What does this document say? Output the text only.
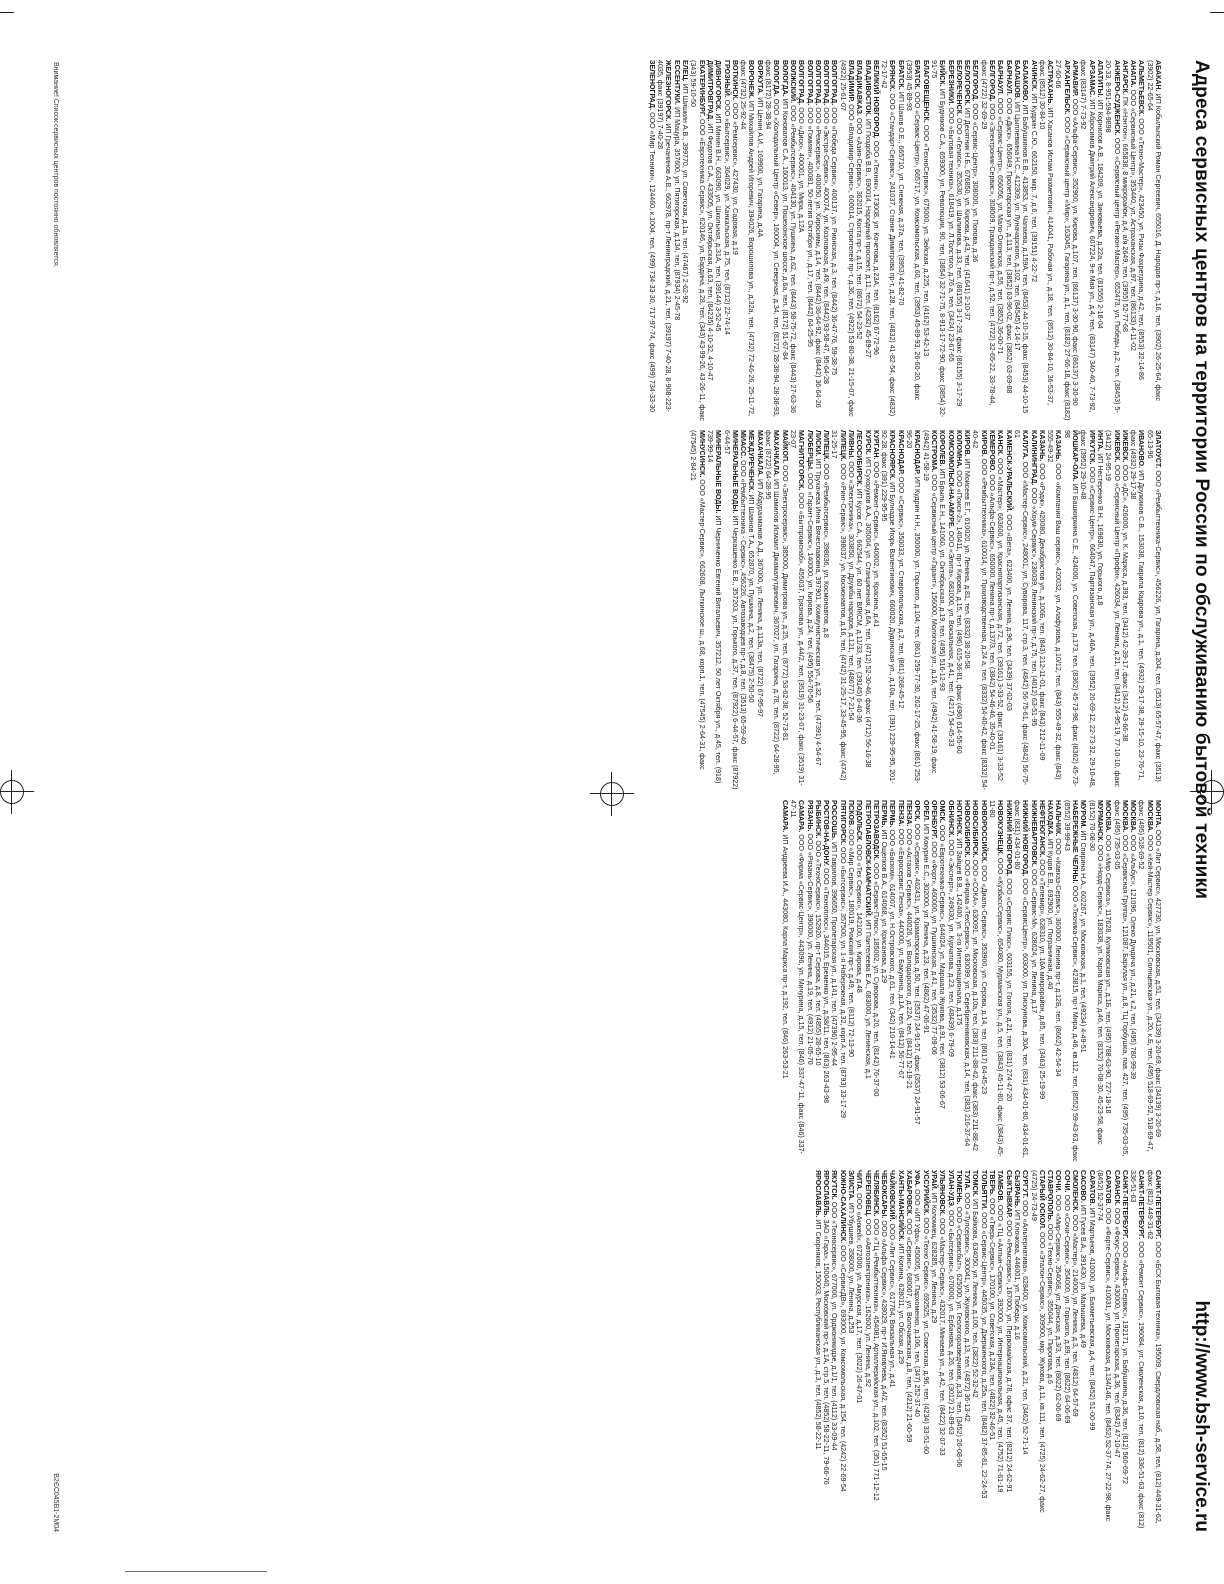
Адреса сервисных центров на территории России по обслуживанию бытовой техники
http://www.bsh-service.ru

АБАКАН. ИП Кобыльнский Роман Сергеевич, 655016, Д. Народов пр-т, д.16, тел. (3902) 26-25-64, факс (3902) 22-65-64

АЛЬМЕТЬЕВСК. ООО «Техно-Мастер», 423450, ул. Ризы Фахретдина, д.42, тел. (8553) 32-14-86

АНАПА. ООО «Сервисный Центр», 353440, ул. Астраханская, д.97, тел. (86133) 4-11-02

АНГАРСК. ПК «Нэнтон», 665838, 8 микрорайон, д.4, а/я 2649, тел. (3955) 52-77-68

АНЖЕРО-СУДЖЕНСК. ООО «Сервисный центр «Регион-Мастер», 652473, ул. Победы, д.2, тел. (38453) 5-20-33, 8-951-594-9898

АПАТИТЫ. ИП Корнилов А.В., 184209, ул. Зиновьева, д.22а, тел. (81555) 2-18-04

АРЗАМАС. ИП Абросимов Дмитрий Александрович, 607224, 9-е Мая ул., д.4, тел. (83147) 340-40, 7-73-92, факс (83147) 7-73-92

АРМАВИР. ООО «Альфа-Сервис», 352900, ул. Кирова, д.107, тел. (86137) 3-30-90, факс (86137) 3-30-90

АРХАНГЕЛЬСК. ООО «Сервисный центр «Мир», 163045, Гагарина ул., д.1, тел. (8182) 27-66-18, факс (8182) 27-60-66

АСТРАХАНЬ. ИП Хасанов Ислам Рахметович, 414041, Рабочая ул., д.18, тел. (8512) 30-84-10, 36-53-37, факс (8512) 30-84-10

АЧИНСК. ИП Кудрин С.Ю., 662150, мкр. 7, д.6, тел. (39151) 4-22-72

БАЛАКОВО. ИП Бабушкинов Е.В., 413853, ул. Чапаева, д.159А, тел. (8453) 44-10-15, факс (8453) 44-10-15

БАЛАШОВ. ИП Цыплевкина Н.С., 412309, ул. Луначарского, д.102, тел. (84545) 4-14-17

БАРНАУЛ. ООО «Диск», 656049, Пролетарская ул., д.113, тел. (3852) 63-96-02, факс (3852) 63-69-88

БАРНАУЛ. ООО «Сервис-Центр», 656056, ул. Мало-Олонская, д.55, тел. (3852) 36-00-71

БЕЛГОРОД. ООО «Электроник-Сервис», 308009, Гражданский пр-т, д.52, тел. (4722) 32-65-22, 33-78-44, факс (4722) 32-69-29

БЕЛГОРОД. ООО «Сервис-Центр», 308000, ул. Попова, д.36

БЕЛОГОРСК. ИП Десятник Н.Б., 676850, ул. Кирова, д.43, тел. (41641) 2-10-37

БЕЛОРЕЧЕНСК. ООО «Гелиос», 352630, ул. Шалимова, д.33, тел. (86155) 3-17-29, факс (86155) 3-17-29

БЕРЕЗНИКИ. ООО «Бытовая техника», 618419, ул. Л.Толстого, д.76 а, тел. (3424) 23-67-65

БИЙСК. ИП Будников С.А., 659300, ул. Революции, 90, тел. (3854) 32-71-75, 8-913-17-72-90, факс (3854) 32-91-75

БЛАГОВЕЩЕНСК. ООО «ТехноСервис», 675000, ул. Зейская, д.225, тел. (4162) 53-42-13

БРАТСК. ООО «Сервис-Центр», 665717, ул. Комсомольская, д.60, тел. (3953) 45-89-93, 26-60-20, факс (3953) 45-89-93

БРАТСК. ИП Шаков О.Е., 665710, ул. Снежная, д.37а, тел. (3953) 41-82-70

БРЯНСК. ООО «Стандарт-Сервис», 241037, Станке Димитрова пр-т, д.28, тел. (4832) 41-82-54, факс (4832) 72-17-42

ВЕЛИКИЙ НОВГОРОД. ООО «Техник», 173008, ул. Кочетова, д.23А, тел. (8162) 67-72-96

ВЛАДИВОСТОК. ИП Поздоба В.В., 690014, Народный проспект, д.11, тел. (4232) 45-89-27

ВЛАДИКАВКАЗ. ООО «Азия-Сервис», 362015, Коста пр-т, д.15, тел. (8672) 54-23-52

ВЛАДИМИР. ООО «Владимир-Сервис», 600014, Строителей пр-т, д.36, тел. (4922) 53-80-38, 21-15-07, факс (4922) 25-61-07

ВОЛГОГРАД. ООО «Победа Сервис», 400137, ул. Рионская, д.3, тел. (8442) 36-47-76, 59-38-75

ВОЛГОГРАД. ООО «Экстра-Сервис», 400074, ул. Козловская, д.49, тел. (8442) 93-58-47, 95-64-28

ВОЛГОГРАД. ООО «Ремсервис», 400050, ул. Хиросимы, д.14, тел. (8442) 36-64-92, факс (8442) 36-64-26

ВОЛГОГРАД. ООО «Гомиян», 400081, 50-летия Октября ул., д.17, тел. (8442) 64-25-95

ВОЛГОГРАД. ООО «Диск», 400001, ул. Мира, д.12А

ВОЛЖСКИЙ. ООО «Рембытсервис», 404130, ул. Пушкина, д.62, тел. (8443) 58-75-72, факс (8443) 27-63-36

ВОЛОГДА. ИП Коновалов С.А., 160013, ул. Пошехонское шоссе, д.6а, тел. (8172) 51-67-84

ВОЛОГДА. ООО «Холодильный Центр «Север», 160004, ул. Северная, д.34, тел. (8172) 28-38-94, 28-38-93, факс (8172) 28-38-94

ВОРКУТА. ИП Ценин А.И., 169900, ул. Гагарина, д.4А

ВОРОНЕЖ. ИП Михайлов Андрей Игоревич, 394026, Ворошилова ул., д.32а, тел. (4732) 72-46-26, 25-11-72, факс (4732) 25-92-44

ВОТКИНСК. ООО «Ремсервис», 427430, ул. Садовая, д.19

ГРОЗНЫЙ. ООО «Бытсервис», 364029, ул. Ханкальская, д.75, тел. (8712) 22-74-14

ДИВНОГОРСК. ИП Минин В.Н., 663090, ул. Школьная, д.31А, тел. (39144) 3-52-45

ДИМИТРОВГРАД. ИП Федотов С.А., 433505, ул. Октябрьская, д.63, тел. (84235) 4-10-32, 4-10-47

ЕКАТЕРИНБУРГ. ООО «Евротехника Сервис», 620146, ул. Бардина, д.28, тел. (343) 43-99-26, 43-26-11, факс (343) 59-10-50

ЕЛЕЦ. ИП Шишкин А.В., 399770, ул. Советская, д.1а, тел. (47467) 2-62-92

ЕССЕНТУКИ. ИП Мацура, 357600, ул. Пятигорская, д.134, тел. (87934) 2-45-78

ЖЕЛЕЗНОГОРСК. ИП Гречанинов А.В., 662978, пр-т Ленинградский, д.21, тел. (39197) 7-40-28, 8-908-223-4035, факс (39197) 7-40-28

ЗЕЛЕНОГРАД. ООО «Мир Техники», 124460, к.1004, тел. (499) 734-33-30, 717-97-74, факс (499) 734-33-30

ЗЛАТОУСТ. ООО «Рембыттехника-Сервис», 456226, ул. Гагарина, д.204, тел. (3513) 65-57-47, факс (3513) 65-13-96

ИВАНОВО. ИП Дружиков С.В., 153038, Гаврила Кадрова ул., д.1, тел. (4932) 29-17-38, 29-15-10, 23-76-71, факс (4932) 29-17-38

ИЖЕВСК. ООО «ДС», 426000, ул. К. Маркса, д.393, тел. (3412) 42-39-17, факс (3412) 43-66-38

ИЖЕВСК. ООО «Сервисный Центр «Профи», 426034, ул. Ленина, д.21, тел. (3412) 24-95-19, 77-10-10, факс (3412) 24-95-19

ИНТА. ИП Нестеренко В.Н., 169830, ул. Горького, д.8

ИРКУТСК. ООО «Сервис-Центр», 664047, Партизанская ул., д.46А, тел. (3952) 20-69-12, 22-73-32, 29-10-48, факс (3952) 29-10-48

ЙОШКАР-ОЛА. ИП Башкиркина С.Е., 424000, ул. Советская, д.173, тел. (8362) 45-73-98, факс (8362) 45-73-98

КАЗАНЬ. ООО «Компания Ваш сервис», 420032, ул. Алафузова, д.10/12, тел. (843) 555-49-32, факс (843) 555-49-32

КАЗАНЬ. ООО «Рэдж», 420080, Декабристов ул., д.106Б, тел. (843) 212-11-01, факс (843) 212-11-09

КАЛИНИНГРАД. ООО «Хоум-Сервис», 236039, Ленинский пр-т, д.75, тел. (4012) 63-51-95

КАЛУГА. ООО «Мастер-Сервис», 248001, ул. Суворова, 117, стр.3, тел. (4842) 56-75-61, факс (4842) 56-75-61

КАМЕНСК-УРАЛЬСКИЙ. ООО «Вега», 623400, ул. Ленина, д.96, тел. (3439) 37-02-03

КАНСК. ООО «Мастер», 663600, ул. Краснопартизанская, д.72, тел. (39161) 3-33-52, факс (39161) 3-33-52

КЕМЕРОВО. ООО «Альфа-Сервис», 650000, Ленина пр-т, д.137/3, тел. (3842) 54-46-46, 35-40-01

КИРОВ. ООО «Рембыттехника», 610014, ул. Производственная, д.24 а, тел. (8332) 54-40-42, факс (8332) 54-40-42

КИРОВ. ИП Моисеев Е.Г., 610020, ул. Ленина, д.81, тел. (8332) 38-20-58

КОЛОМНА. ООО «Поиск-2», 140411, пр-т Кирова, д.15, тел. (496) 615-36-81, факс (496) 614-55-60

КОМСОМОЛЬСК-НА-АМУРЕ. ООО «Элита», 681000, ул. Вокзальная, д.41, тел. (4217) 54-45-33

КОРОЛЕВ. ИП Брыль Е.Н., 141060, ул. Октябрьская, д.19, тел. (495) 516-12-93

КОСТРОМА. ООО «Сервисный центр «Гарант», 156000, Мологская ул., д.16, тел. (4942) 41-58-19, факс (4942) 41-58-19

КРАСНОДАР. ИП Кудрин Н.Н., 350000, ул. Горького, д.104, тел. (861) 259-77-30, 262-17-25, факс (861) 253-96-20

КРАСНОДАР. ООО «Сервис», 350033, ул. Ставропольская, д.2, тел. (861) 268-45-12

КРАСНОЯРСК. ИП Булнадзе Игорь Валентинович, 660020, Дудинская ул., д.10а, тел. (391) 229-95-95, 201-92-28, факс (391) 229-95-95

КУРГАН. ООО «Ремонт-Сервис», 640002, ул. Красина, д.41

КУРСК. ИП Сухоруков А.А., 305004, ул. Станционная, д.6А, тел. (4712) 52-30-46, факс (4712) 56-16-38

ЛЕСОСИБИРСК. ИП Кусов С.А., 662544, ул. 60 лет ВЛКСМ, д.11/33, тел. (39145) 6-40-36

ЛИВНЫ. ООО «Электроника», 303850, ул. Дружбы народов, д.121, тел. (48677) 7-21-54

ЛИПЕЦК. ООО «Ринг-Сервис», 398037, ул. Космонавтов, д.16, тел. (4742) 31-25-17, 33-45-95, факс (4742) 31-25-17

ЛИПЕЦК. ООО «Рембытсервис», 398036, ул. Космонавтов, д.8

ЛИСКИ. ИП Трухачева Инна Вячеславовна, 397901, Коммунистическая ул., д.32, тел. (47391) 4-54-67

ЛЮБЕРЦЫ. ООО «Гарант-Сервис», 140000, ул. Кирова, д.24, тел. (495) 554-70-56

МАГНИТОГОРСК. ООО «Бытпромснаб», 455037, Грязнова ул., д.44/2, тел. (3519) 31-23-07, факс (3519) 31-23-07

МАЙКОП. ООО «Электросервис», 385000, Димитрова ул., д.25, тел. (8772) 53-62-38, 52-73-81

МАХАЧКАЛА. ИП Шамилов Исмаил Джамалутдинович, 367027, ул. Гагарина, д.78, тел. (8722) 64-28-95, факс (8722) 64-28-95

МАХАЧКАЛА. ИП Абдурахманов А.Д., 367000, ул. Ленина, д.113а, тел. (8722) 67-95-97

МЕЖДУРЕЧЕНСК. ИП Шавнов Т.А., 652870, ул. Пушкина, д.2, тел. (38475) 2-50-50

МИАСС. ООО «Рембыттехника - Сервис», 456226, Автозаводцев пр-т, д.8, тел. (3513) 65-59-40

МИНЕРАЛЬНЫЕ ВОДЫ. ИП Черкашенко Е.В., 357203, ул. Горького, д.37, тел. (87922) 6-44-57, факс (87922) 6-44-57

МИНЕРАЛЬНЫЕ ВОДЫ. ИП Черниченко Евгений Витальевич, 357212, 50 лет Октября ул., д.45, тел. (918) 739-99-14

МИНУСИНСК. ООО «Мастер-Сервис», 662608, Лыткинское ш., д.68, корп.1, тел. (47545) 2-64-31, факс (47545) 2-84-21

МОНТА. ООО «Лит Сервис», 427730, ул. Московская, д.51, тел. (34139) 3-20-69, факс (34139) 3-20-69

МОСКВА. ООО «Кей-Мастер Сервис», 119501, Солнцевская ул., д.20, к.Б, тел. (495) 518-69-52, 518-69-47, факс (495) 518-69-52

МОСКВА. ООО «Альбус», 121096, Олеко Дундича ул., д.21, к.2, тел. (495) 780-99-39

МОСКВА. ООО «Сервисная Группа», 121087, Барклая ул., д.8, ТЦ Горбушка, пав. 427, тел. (495) 735-03-05, факс (495) 735-03-05

МОСКВА. ООО «Мир Сервиса», 117628, Куликовская ул., д.1Б, тел. (495) 788-63-90, 727-18-18

МУРМАНСК. ООО «Норд-Сервис», 183038, ул. Карла Маркса, д.46, тел. (8152) 70-08-30, 45-23-58, факс (8152) 70-08-30

МУРОМ. ИП Спирина Н.А., 602267, ул. Московская, д.1, тел. (49234) 4-49-51

НАБЕРЕЖНЫЕ ЧЕЛНЫ. ООО «Техника-Сервис», 423815, пр-т Мира, д.46, кв.112, тел. (8552) 59-43-63, факс (8552) 39-99-43

НАЛЬЧИК. ООО «Кавказ-Сервис», 360000, Ленина пр-т, д.12Б, тел. (8662) 42-54-34

НАХОДКА. ИП Куцов Е.В., 692900, ул. Пограничная, д.40

НЕФТЕЮГАНСК. ООО «Телемир», 628310, ул. 16А микрорайон, д.85, тел. (3463) 25-19-99

НИЖНЕВАРТОВСК. ООО «Сервис-М», 628624, ул. Ленина, д.17

НИЖНИЙ НОВГОРОД. ООО «СервисЦентр», 603000, ул. Пискунова, д.30А, тел. (831) 434-01-80, 434-01-81, факс (831) 434-01-80

НИЖНИЙ НОВГОРОД. ООО «Сервис Плюс», 603155, ул. Гоголя, д.21, тел. (831) 274-47-20

НОВОКУЗНЕЦК. ООО «КузбассСервис», 654080, Мурманская ул., д.5, тел. (3843) 45-11-80, факс (3843) 45-11-80

НОВОРОССИЙСК. ООО «Диаль-Сервис», 353900, ул. Серова, д.14, тел. (8617) 64-45-23

НОВОСИБИРСК. ООО «СОКА», 630091, ул. Московская, д.10а, тел. (383) 211-88-42, факс (383) 211-88-42

НОВОСИБИРСК. ООО «Фирма «ТехСервис», 630099, ул. Серебренниковская, д.14, тел. (383) 216-37-64

НОГИНСК. ИП Зайцев В.В., 142400, ул. 3-го Интернационала, д.175

ОБНИНСК. ООО «Эксперт», 249030, ул. Курчатова, д.23, тел. (48439) 6-79-09

ОМСК. ООО «Евротехника-Сервис», 644024, ул. Маршала Жукова, д.91, тел. (3812) 53-06-67

ОРЕНБУРГ. ООО «Форт», 460000, ул. Пушкинская, д.41, тел. (3532) 77-09-06

ОРЕЛ. ИП Кокурин Е.С., 302000, ул. Ленина, д.23, тел. (4862) 47-06-91

ОРСК. ООО «Сервис», 462431, ул. Краматорская, д.50, тел. (3537) 24-91-57, факс (3537) 24-91-57

ПЕНЗА. ООО «Астахов Сервис», 440026, ул. Володарского, д.22А, тел. (8412) 52-19-21

ПЕНЗА. ООО «Евросервис Пенза», 440000, ул. Бакунина, д.1А, тел. (8412) 56-77-67

ПЕРМЬ. ООО «Баском», 614007, ул. Н.Островского, д.61, тел. (342) 210-14-41

ПЕРМЬ. ИП Ощепков В.А., 614068, ул. Крисанова, д.29

ПЕТРОЗАВОДСК. ООО «Сервис-Плюс», 185002, ул. Суворова, д.20, тел. (8142) 76-37-00

ПЕТРОПАВЛОВСК-КАМЧАТСКИЙ. ИП Пантелеева Е.А., 683000, ул. Ленинская, д.1

ПОДОЛЬСК. ООО «Тех Сервис», 142100, ул. Кирова, д.48

ПСКОВ. ООО «Мир Сервис», 180019, Рижский пр-т, д.49, тел. (8112) 72-13-90

ПЯТИГОРСК. ООО «Бытсервис», 357500, ул. 1-я Набережная, д.32, корп.4, тел. (8793) 33-17-29

РОССОШЬ. ИП Гаврилов, 396650, Пролетарская ул., д.141, тел. (47396) 2-95-44

РОСТОВ-НА-ДОНУ. ООО «Техноплюс», 344015, Еременко ул., д.58/11, тел. (863) 263-43-98

РЫБИНСК. ООО «ТехноСервис», 152920, пр-т Серова, д.8, тел. (4855) 28-65-10

РЯЗАНЬ. ООО «Рязань-Сервис», 390000, ул. Ленина, д.19, тел. (4912) 21-05-70

САМАРА. ООО «Фирма «Сервис-Центр», 443096, ул. Мичурина, д.15, тел. (846) 337-47-11, факс (846) 337-47-11

САМАРА. ИП Андреева И.А., 443080, Карла Маркса пр-т, д.192, тел. (846) 263-53-21

САНКТ-ПЕТЕРБУРГ. ООО «БСХ Бытовая техника», 195009, Свердловская наб., д.58, тел. (812) 449-31-62, факс (812) 449-31-62

САНКТ-ПЕТЕРБУРГ. ООО «Ремонт Сервис», 196084, ул. Смоленская, д.10, тел. (812) 336-51-63, факс (812) 336-51-63

САНКТ-ПЕТЕРБУРГ. ООО «Альфа-Сервис», 192171, ул. Бабушкина, д.36, тел. (812) 560-69-72

САРАНСК. ООО «Фокус-Сервис», 430000, ул. Пролетарская, д.36, тел. (8342) 47-10-47

САРАТОВ. ООО «Форте-Сервис», 410031, ул. Московская, д.134/146, тел. (8452) 52-37-74, 27-22-98, факс (8452) 52-37-74

САРАТОВ. ИП Мартынов, 410000, ул. Бахметьевская, д.4, тел. (8452) 51-00-99

САСОВО. ИП Гусев В.А., 391430, ул. Малышева, д.49

СМОЛЕНСК. ООО «Мастер», 214000, ул. Ленина, д.3, тел. (4812) 64-57-69

СОЧИ. ООО «Сочи-Сервис», 354000, ул. Горького, д.89, тел. (8622) 64-06-69

СОЧИ. ООО «Мир-Сервис», 354068, ул. Донская, д.3/3, тел. (8622) 62-06-69

СТАВРОПОЛЬ. ООО «Техно-Сервис», 355044, ул. Пирогова, д.6

СТАРЫЙ ОСКОЛ. ООО «Эталон-Сервис», 309500, мкр. Жукова, д.11, кв.111, тел. (4725) 24-62-27, факс (4725) 24-73-49

СУРГУТ. ООО «Альтернатива», 628400, ул. Комсомольский, д.21, тел. (3462) 52-71-14

СЫЗРАНЬ. ИП Клочкова, 446001, ул. Победы, д.16

СЫКТЫВКАР. ООО «Ремсервис», 167000, ул. Первомайская, д.78, офис 37, тел. (8212) 24-62-91

ТАМБОВ. ООО «ТЦ «Алтын-Сервис», 392000, ул. Интернациональная, д.45, тел. (4752) 71-61-19

ТВЕРЬ. ООО «Тверь-Сервис», 170100, ул. Советская, д.23А, тел. (4822) 32-46-51

ТОЛЬЯТТИ. ООО «Сервис-Центр», 445035, ул. Дзержинского, д.25а, тел. (8482) 37-85-81, 22-24-53

ТОМСК. ИП Байкова, 634050, ул. Ленина, д.100, тел. (3822) 52-32-42

ТУЛА. ООО «Тулсервис», 300041, ул. Жуковского, д.13, тел. (4872) 36-13-42

ТЮМЕНЬ. ООО «Сервисбыт», 625000, ул. Геологоразведчиков, д.33, тел. (3452) 26-08-06

УЛАН-УДЭ. ООО «Бытсервис», 670000, ул. Ербанова, д.26, тел. (3012) 21-89-63

УЛЬЯНОВСК. ООО «Мастер-Сервис», 432017, Минаева ул., д.42, тел. (8422) 32-07-33

УРАЙ. ИП Коломиец, 628285, ул. Ленина, д.29

УССУРИЙСК. ООО «Техно Сервис», 692525, ул. Советская, д.96, тел. (4234) 33-51-60

УФА. ООО «ИП Уфа», 450005, ул. Пархоменко, д.106, тел. (347) 252-37-40

ХАБАРОВСК. ООО «Сервис», 680007, ул. Волочаевская, д.8, тел. (4212) 21-60-59

ХАНТЫ-МАНСИЙСК. ИП Копина, 628011, ул. Обская, д.29

ЧАЙКОВСКИЙ. ООО «Лит Сервис», 617764, Вокзальная ул., д.41

ЧЕБОКСАРЫ. ООО «Альфа Сервис», 428029, пр-т И.Яковлева, д.4/2, тел. (8352) 51-65-15

ЧЕЛЯБИНСК. ООО «ТЦ «Рембыттехника», 454081, Артиллерийская ул., д.102, тел. (351) 771-12-12

ЧЕРЕПОВЕЦ. ООО «Автоэлектроника», 162600, ул. Ленина, д.92

ЧИТА. ООО «Анжей», 672000, ул. Амурская, д.17, тел. (3022) 26-47-01

ЭЛИСТА. ИП Убушиев, 358000, ул. Ленина, д.253

ЮЖНО-САХАЛИНСК. ООО «СервисДВ», 693000, ул. Комсомольская, д.154, тел. (4242) 22-69-54

ЯКУТСК. ООО «Техносервис», 677000, ул. Орджоникидзе, д.1/1, тел. (4112) 33-09-44

ЯРОСЛАВЛЬ. ЗАО «Гара», 150040, Московский пр-т, д.1А, стр.5, тел. (4852) 58-22-11, 79-66-76

ЯРОСЛАВЛЬ. ИП Скорняков, 150003, Республиканская ул., д.3, тел. (4852) 58-22-11

Внимание! Список сервисных центров постоянно обновляется.
B2ЄC045В1-2М04
